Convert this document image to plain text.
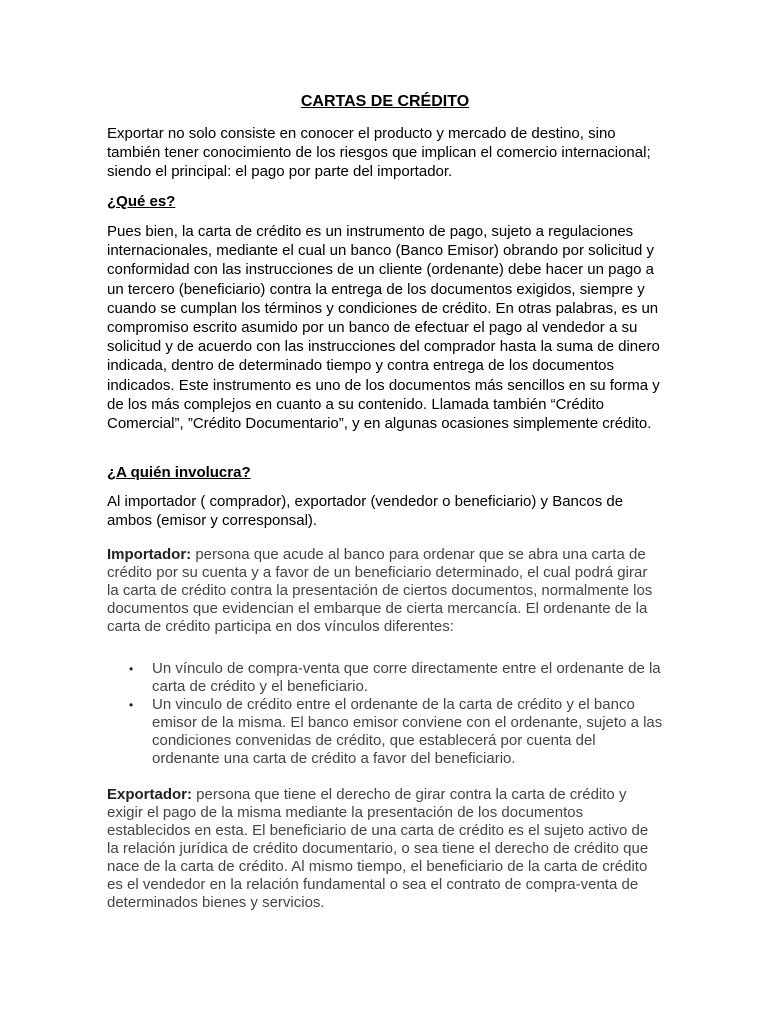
CARTAS DE CRÉDITO

Exportar no solo consiste en conocer el producto y mercado de destino, sino también tener conocimiento de los riesgos que implican el comercio internacional; siendo el principal: el pago por parte del importador.

¿Qué es?

Pues bien, la carta de crédito es un instrumento de pago, sujeto a regulaciones internacionales, mediante el cual un banco (Banco Emisor) obrando por solicitud y conformidad con las instrucciones de un cliente (ordenante) debe hacer un pago a un tercero (beneficiario) contra la entrega de los documentos exigidos, siempre y cuando se cumplan los términos y condiciones de crédito. En otras palabras, es un compromiso escrito asumido por un banco de efectuar el pago al vendedor a su solicitud y de acuerdo con las instrucciones del comprador hasta la suma de dinero indicada, dentro de determinado tiempo y contra entrega de los documentos indicados. Este instrumento es uno de los documentos más sencillos en su forma y de los más complejos en cuanto a su contenido. Llamada también “Crédito Comercial”, ”Crédito Documentario”, y en algunas ocasiones simplemente crédito.

¿A quién involucra?

Al importador ( comprador), exportador (vendedor o beneficiario) y Bancos de ambos (emisor y corresponsal).

Importador: persona que acude al banco para ordenar que se abra una carta de crédito por su cuenta y a favor de un beneficiario determinado, el cual podrá girar la carta de crédito contra la presentación de ciertos documentos, normalmente los documentos que evidencian el embarque de cierta mercancía. El ordenante de la carta de crédito participa en dos vínculos diferentes:

• Un vínculo de compra-venta que corre directamente entre el ordenante de la carta de crédito y el beneficiario.
• Un vinculo de crédito entre el ordenante de la carta de crédito y el banco emisor de la misma. El banco emisor conviene con el ordenante, sujeto a las condiciones convenidas de crédito, que establecerá por cuenta del ordenante una carta de crédito a favor del beneficiario.

Exportador: persona que tiene el derecho de girar contra la carta de crédito y exigir el pago de la misma mediante la presentación de los documentos establecidos en esta. El beneficiario de una carta de crédito es el sujeto activo de la relación jurídica de crédito documentario, o sea tiene el derecho de crédito que nace de la carta de crédito. Al mismo tiempo, el beneficiario de la carta de crédito es el vendedor en la relación fundamental o sea el contrato de compra-venta de determinados bienes y servicios.
